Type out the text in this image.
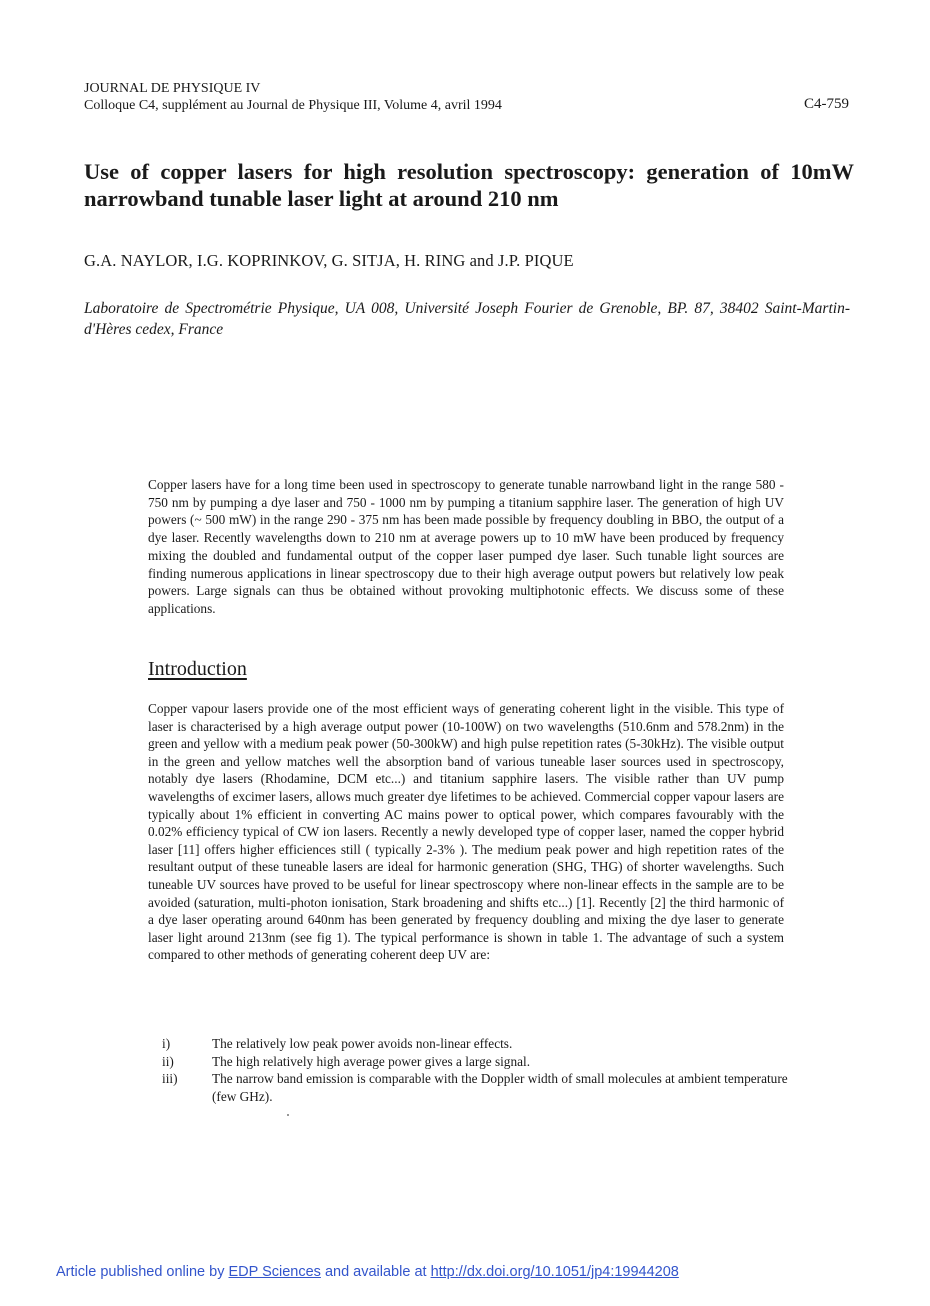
JOURNAL DE PHYSIQUE IV
Colloque C4, supplément au Journal de Physique III, Volume 4, avril 1994	C4-759
Use of copper lasers for high resolution spectroscopy: generation of 10mW narrowband tunable laser light at around 210 nm
G.A. NAYLOR, I.G. KOPRINKOV, G. SITJA, H. RING and J.P. PIQUE
Laboratoire de Spectrométrie Physique, UA 008, Université Joseph Fourier de Grenoble, BP. 87, 38402 Saint-Martin-d'Hères cedex, France

Copper lasers have for a long time been used in spectroscopy to generate tunable narrowband light in the range 580 - 750 nm by pumping a dye laser and 750 - 1000 nm by pumping a titanium sapphire laser. The generation of high UV powers (~ 500 mW) in the range 290 - 375 nm has been made possible by frequency doubling in BBO, the output of a dye laser. Recently wavelengths down to 210 nm at average powers up to 10 mW have been produced by frequency mixing the doubled and fundamental output of the copper laser pumped dye laser. Such tunable light sources are finding numerous applications in linear spectroscopy due to their high average output powers but relatively low peak powers. Large signals can thus be obtained without provoking multiphotonic effects. We discuss some of these applications.

Introduction

Copper vapour lasers provide one of the most efficient ways of generating coherent light in the visible. This type of laser is characterised by a high average output power (10-100W) on two wavelengths (510.6nm and 578.2nm) in the green and yellow with a medium peak power (50-300kW) and high pulse repetition rates (5-30kHz). The visible output in the green and yellow matches well the absorption band of various tuneable laser sources used in spectroscopy, notably dye lasers (Rhodamine, DCM etc...) and titanium sapphire lasers. The visible rather than UV pump wavelengths of excimer lasers, allows much greater dye lifetimes to be achieved. Commercial copper vapour lasers are typically about 1% efficient in converting AC mains power to optical power, which compares favourably with the 0.02% efficiency typical of CW ion lasers. Recently a newly developed type of copper laser, named the copper hybrid laser [11] offers higher efficiences still ( typically 2-3% ). The medium peak power and high repetition rates of the resultant output of these tuneable lasers are ideal for harmonic generation (SHG, THG) of shorter wavelengths. Such tuneable UV sources have proved to be useful for linear spectroscopy where non-linear effects in the sample are to be avoided (saturation, multi-photon ionisation, Stark broadening and shifts etc...) [1]. Recently [2] the third harmonic of a dye laser operating around 640nm has been generated by frequency doubling and mixing the dye laser to generate laser light around 213nm (see fig 1). The typical performance is shown in table 1. The advantage of such a system compared to other methods of generating coherent deep UV are:

i)	The relatively low peak power avoids non-linear effects.
ii)	The high relatively high average power gives a large signal.
iii)	The narrow band emission is comparable with the Doppler width of small molecules at ambient temperature (few GHz).
Article published online by EDP Sciences and available at http://dx.doi.org/10.1051/jp4:19944208
